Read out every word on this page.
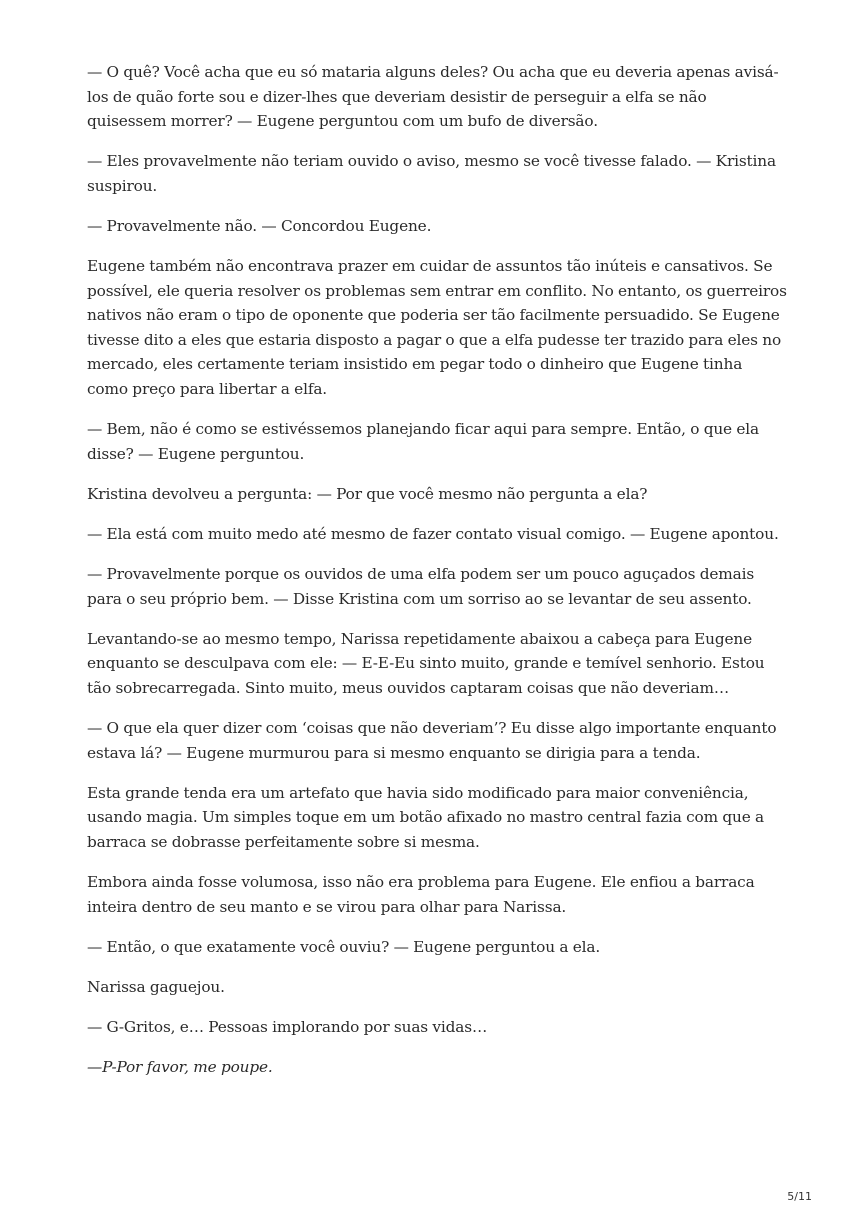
— O quê? Você acha que eu só mataria alguns deles? Ou acha que eu deveria apenas avisá-los de quão forte sou e dizer-lhes que deveriam desistir de perseguir a elfa se não quisessem morrer? — Eugene perguntou com um bufo de diversão.

— Eles provavelmente não teriam ouvido o aviso, mesmo se você tivesse falado. — Kristina suspirou.

— Provavelmente não. — Concordou Eugene.

Eugene também não encontrava prazer em cuidar de assuntos tão inúteis e cansativos. Se possível, ele queria resolver os problemas sem entrar em conflito. No entanto, os guerreiros nativos não eram o tipo de oponente que poderia ser tão facilmente persuadido. Se Eugene tivesse dito a eles que estaria disposto a pagar o que a elfa pudesse ter trazido para eles no mercado, eles certamente teriam insistido em pegar todo o dinheiro que Eugene tinha como preço para libertar a elfa.

— Bem, não é como se estivéssemos planejando ficar aqui para sempre. Então, o que ela disse? — Eugene perguntou.

Kristina devolveu a pergunta: — Por que você mesmo não pergunta a ela?

— Ela está com muito medo até mesmo de fazer contato visual comigo. — Eugene apontou.

— Provavelmente porque os ouvidos de uma elfa podem ser um pouco aguçados demais para o seu próprio bem. — Disse Kristina com um sorriso ao se levantar de seu assento.

Levantando-se ao mesmo tempo, Narissa repetidamente abaixou a cabeça para Eugene enquanto se desculpava com ele: — E-E-Eu sinto muito, grande e temível senhorio. Estou tão sobrecarregada. Sinto muito, meus ouvidos captaram coisas que não deveriam…

— O que ela quer dizer com ‘coisas que não deveriam’? Eu disse algo importante enquanto estava lá? — Eugene murmurou para si mesmo enquanto se dirigia para a tenda.

Esta grande tenda era um artefato que havia sido modificado para maior conveniência, usando magia. Um simples toque em um botão afixado no mastro central fazia com que a barraca se dobrasse perfeitamente sobre si mesma.

Embora ainda fosse volumosa, isso não era problema para Eugene. Ele enfiou a barraca inteira dentro de seu manto e se virou para olhar para Narissa.

— Então, o que exatamente você ouviu? — Eugene perguntou a ela.

Narissa gaguejou.

— G-Gritos, e… Pessoas implorando por suas vidas…

—P-Por favor, me poupe.

5/11
